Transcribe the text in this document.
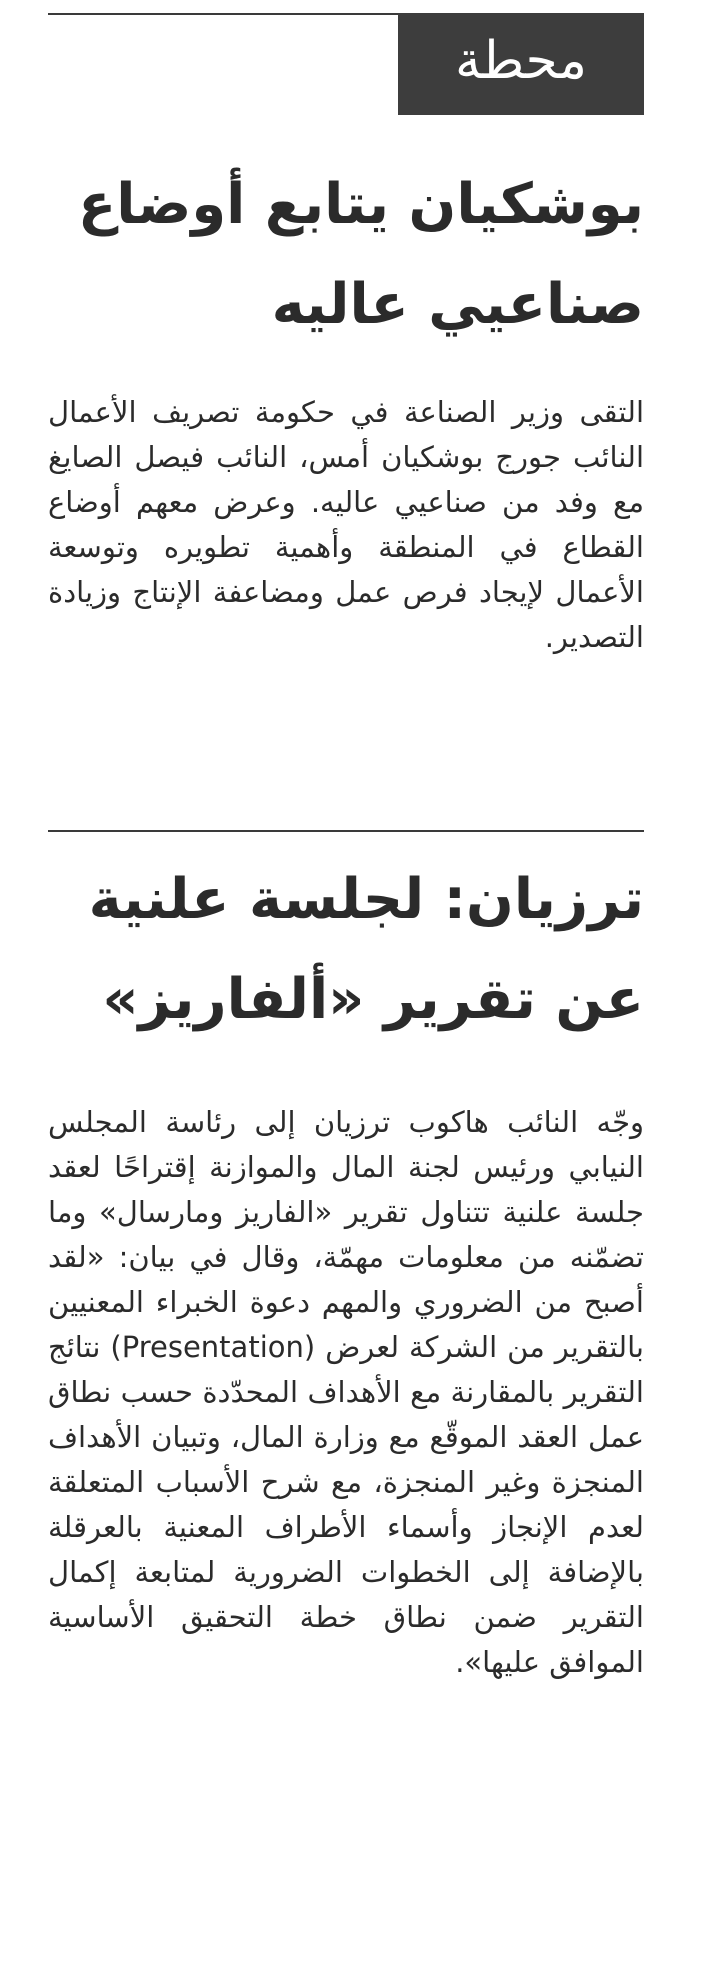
محطة
بوشكيان يتابع أوضاع
صناعيي عاليه

التقى وزير الصناعة في حكومة تصريف الأعمال النائب جورج بوشكيان أمس، النائب فيصل الصايغ مع وفد من صناعيي عاليه. وعرض معهم أوضاع القطاع في المنطقة وأهمية تطويره وتوسعة الأعمال لإيجاد فرص عمل ومضاعفة الإنتاج وزيادة التصدير.

ترزيان: لجلسة علنية
عن تقرير «ألفاريز»

وجّه النائب هاكوب ترزيان إلى رئاسة المجلس النيابي ورئيس لجنة المال والموازنة إقتراحًا لعقد جلسة علنية تتناول تقرير «الفاريز ومارسال» وما تضمّنه من معلومات مهمّة، وقال في بيان: «لقد أصبح من الضروري والمهم دعوة الخبراء المعنيين بالتقرير من الشركة لعرض (Presentation) نتائج التقرير بالمقارنة مع الأهداف المحدّدة حسب نطاق عمل العقد الموقّع مع وزارة المال، وتبيان الأهداف المنجزة وغير المنجزة، مع شرح الأسباب المتعلقة لعدم الإنجاز وأسماء الأطراف المعنية بالعرقلة بالإضافة إلى الخطوات الضرورية لمتابعة إكمال التقرير ضمن نطاق خطة التحقيق الأساسية الموافق عليها».
